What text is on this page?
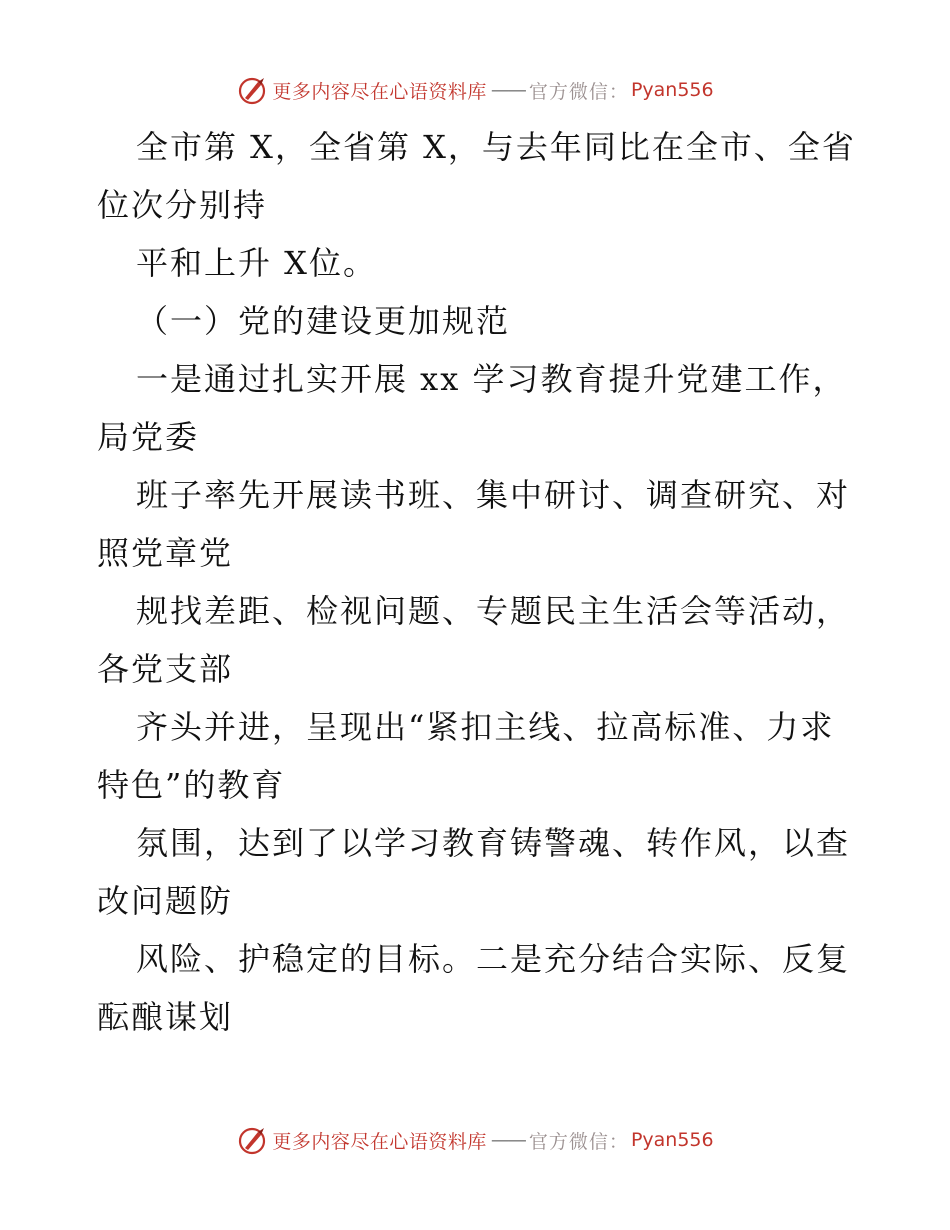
更多内容尽在心语资料库 —— 官方微信： Pyan556
全市第 X，全省第 X，与去年同比在全市、全省
位次分别持
平和上升 X位。
（一）党的建设更加规范
一是通过扎实开展 xx 学习教育提升党建工作，
局党委
班子率先开展读书班、集中研讨、调查研究、对
照党章党
规找差距、检视问题、专题民主生活会等活动，
各党支部
齐头并进，呈现出“紧扣主线、拉高标准、力求
特色”的教育
氛围，达到了以学习教育铸警魂、转作风，以查
改问题防
风险、护稳定的目标。二是充分结合实际、反复
酝酿谋划
更多内容尽在心语资料库 —— 官方微信： Pyan556
